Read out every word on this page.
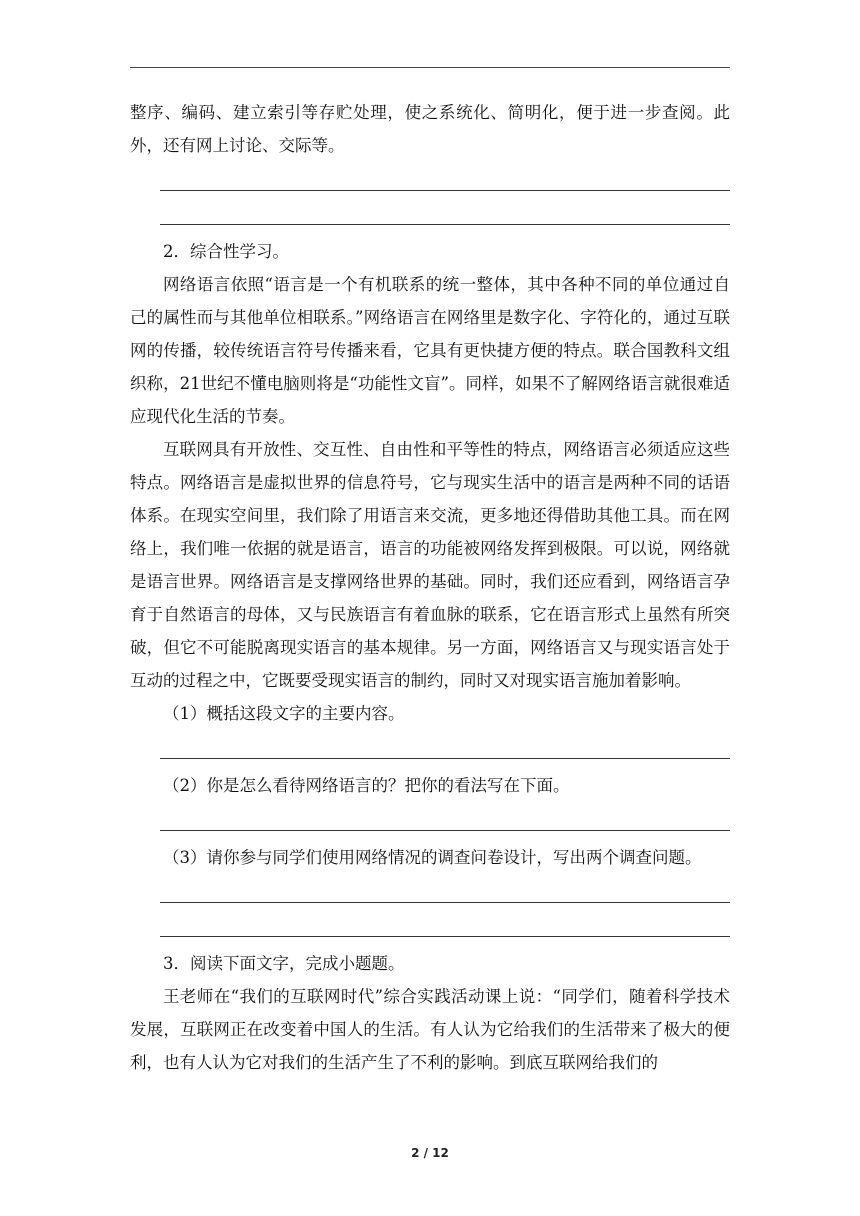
整序、编码、建立索引等存贮处理，使之系统化、简明化，便于进一步查阅。此外，还有网上讨论、交际等。

2．综合性学习。

网络语言依照“语言是一个有机联系的统一整体，其中各种不同的单位通过自己的属性而与其他单位相联系。”网络语言在网络里是数字化、字符化的，通过互联网的传播，较传统语言符号传播来看，它具有更快捷方便的特点。联合国教科文组织称，21世纪不懂电脑则将是“功能性文盲”。同样，如果不了解网络语言就很难适应现代化生活的节奏。

互联网具有开放性、交互性、自由性和平等性的特点，网络语言必须适应这些特点。网络语言是虚拟世界的信息符号，它与现实生活中的语言是两种不同的话语体系。在现实空间里，我们除了用语言来交流，更多地还得借助其他工具。而在网络上，我们唯一依据的就是语言，语言的功能被网络发挥到极限。可以说，网络就是语言世界。网络语言是支撑网络世界的基础。同时，我们还应看到，网络语言孕育于自然语言的母体，又与民族语言有着血脉的联系，它在语言形式上虽然有所突破，但它不可能脱离现实语言的基本规律。另一方面，网络语言又与现实语言处于互动的过程之中，它既要受现实语言的制约，同时又对现实语言施加着影响。

（1）概括这段文字的主要内容。

（2）你是怎么看待网络语言的？把你的看法写在下面。

（3）请你参与同学们使用网络情况的调查问卷设计，写出两个调查问题。

3．阅读下面文字，完成小题题。

王老师在“我们的互联网时代”综合实践活动课上说：“同学们，随着科学技术发展，互联网正在改变着中国人的生活。有人认为它给我们的生活带来了极大的便利，也有人认为它对我们的生活产生了不利的影响。到底互联网给我们的

2 / 12
